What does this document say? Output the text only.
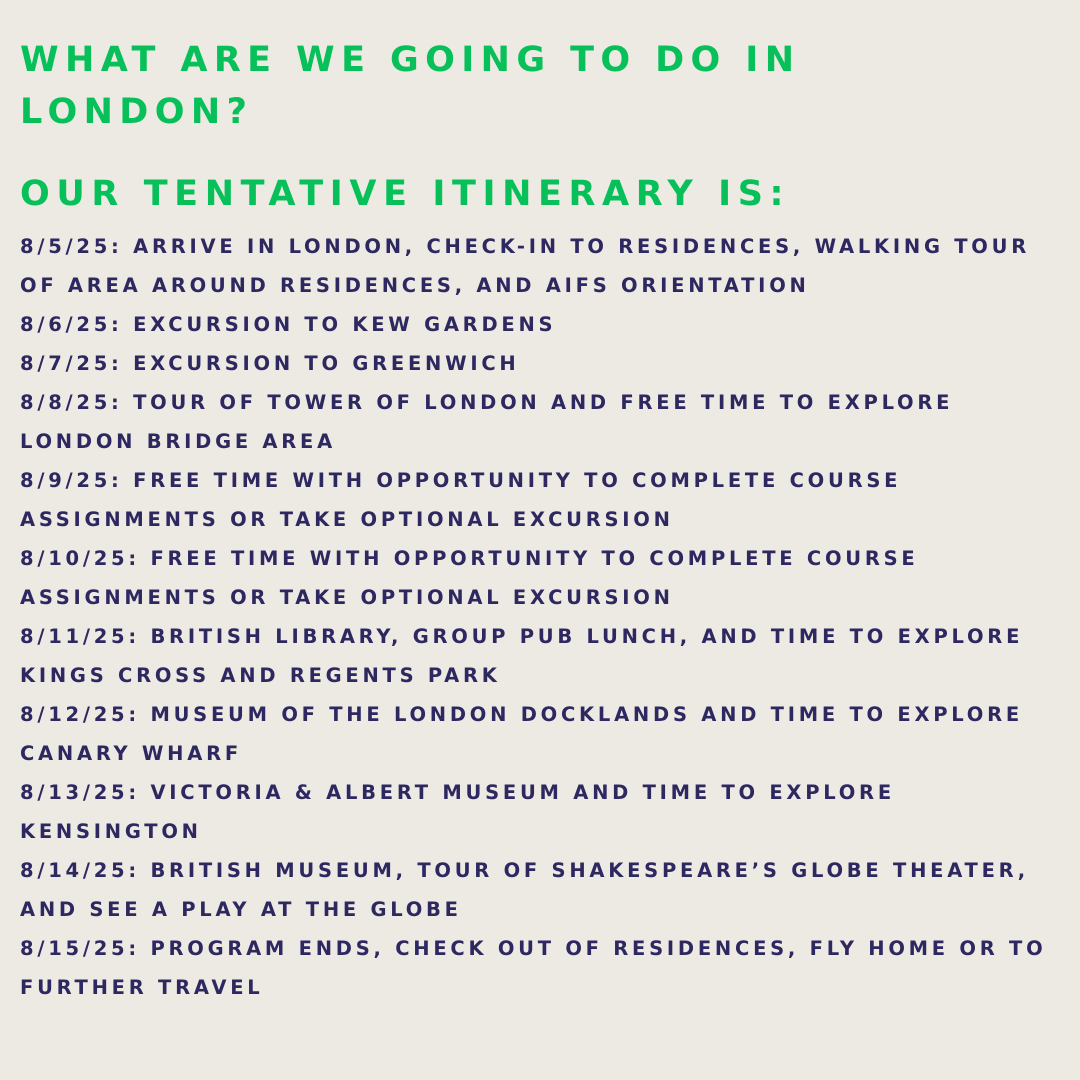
WHAT ARE WE GOING TO DO IN LONDON?
OUR TENTATIVE ITINERARY IS:
8/5/25: ARRIVE IN LONDON, CHECK-IN TO RESIDENCES, WALKING TOUR OF AREA AROUND RESIDENCES, AND AIFS ORIENTATION
8/6/25: EXCURSION TO KEW GARDENS
8/7/25: EXCURSION TO GREENWICH
8/8/25: TOUR OF TOWER OF LONDON AND FREE TIME TO EXPLORE LONDON BRIDGE AREA
8/9/25: FREE TIME WITH OPPORTUNITY TO COMPLETE COURSE ASSIGNMENTS OR TAKE OPTIONAL EXCURSION
8/10/25: FREE TIME WITH OPPORTUNITY TO COMPLETE COURSE ASSIGNMENTS OR TAKE OPTIONAL EXCURSION
8/11/25: BRITISH LIBRARY, GROUP PUB LUNCH, AND TIME TO EXPLORE KINGS CROSS AND REGENTS PARK
8/12/25: MUSEUM OF THE LONDON DOCKLANDS AND TIME TO EXPLORE CANARY WHARF
8/13/25: VICTORIA & ALBERT MUSEUM AND TIME TO EXPLORE KENSINGTON
8/14/25: BRITISH MUSEUM, TOUR OF SHAKESPEARE’S GLOBE THEATER, AND SEE A PLAY AT THE GLOBE
8/15/25: PROGRAM ENDS, CHECK OUT OF RESIDENCES, FLY HOME OR TO FURTHER TRAVEL
